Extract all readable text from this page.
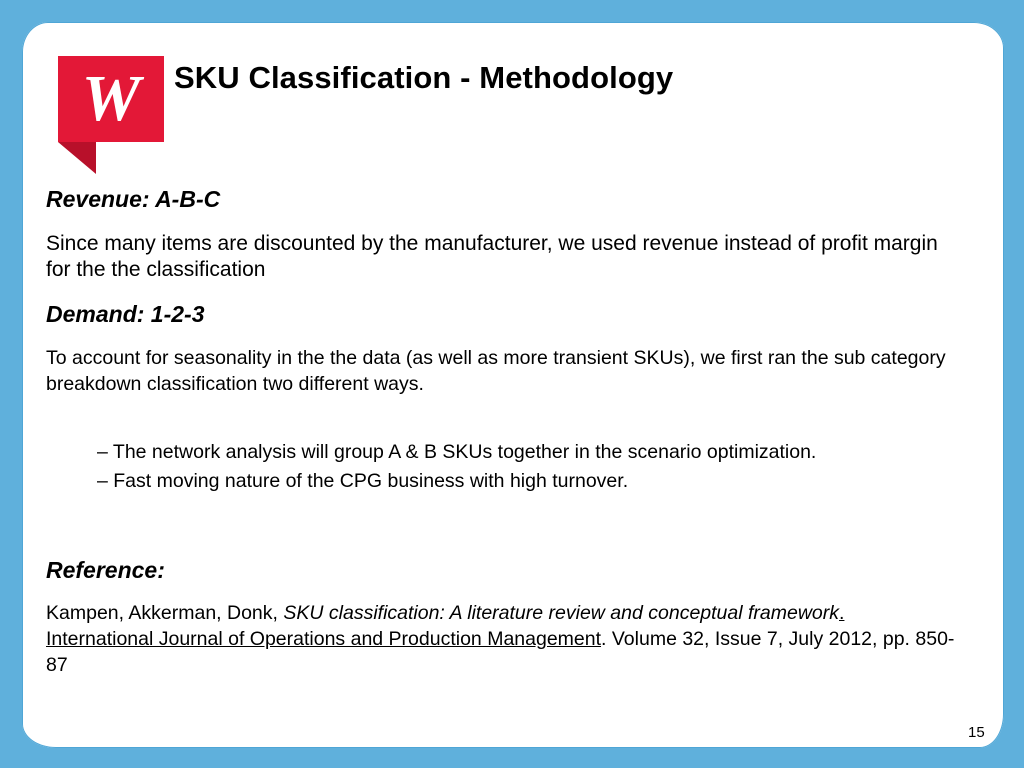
W SKU Classification - Methodology
Revenue: A-B-C
Since many items are discounted by the manufacturer, we used revenue instead of profit margin for the the classification
Demand: 1-2-3
To account for seasonality in the the data (as well as more transient SKUs), we first ran the sub category breakdown classification two different ways.
– The network analysis will group A & B SKUs together in the scenario optimization.
– Fast moving nature of the CPG business with high turnover.
Reference:
Kampen, Akkerman, Donk, SKU classification: A literature review and conceptual framework. International Journal of Operations and Production Management. Volume 32, Issue 7, July 2012, pp. 850-87
15
